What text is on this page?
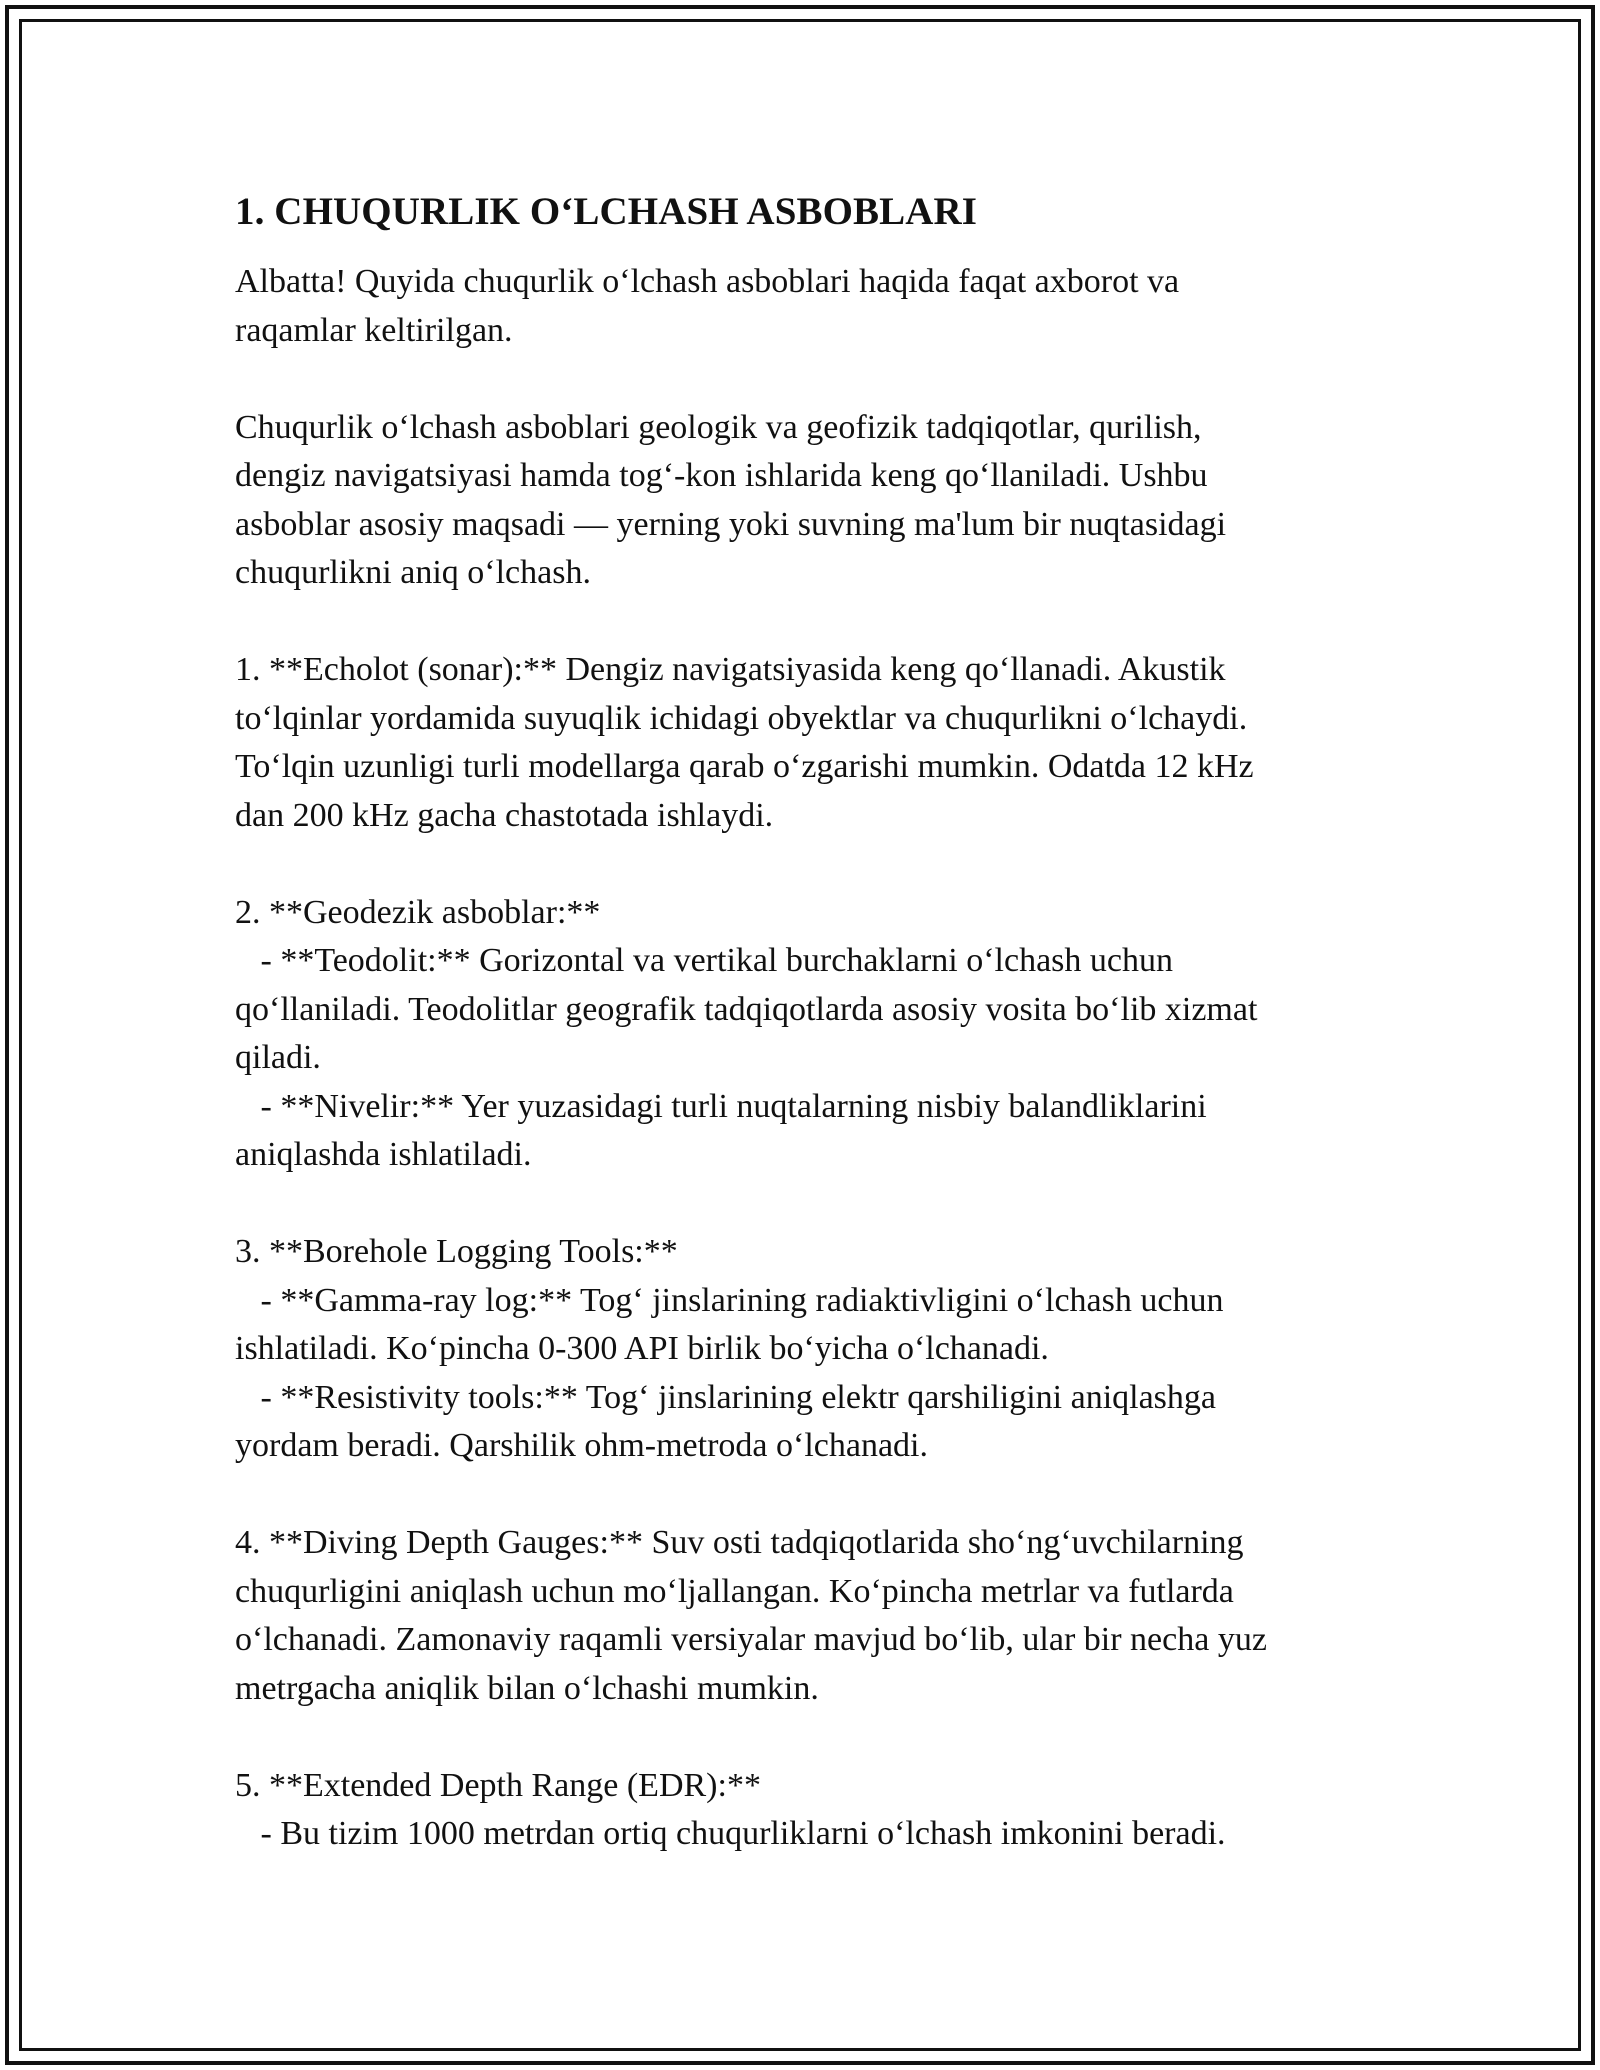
1. CHUQURLIK O‘LCHASH ASBOBLARI
Albatta! Quyida chuqurlik o‘lchash asboblari haqida faqat axborot va
raqamlar keltirilgan.
Chuqurlik o‘lchash asboblari geologik va geofizik tadqiqotlar, qurilish,
dengiz navigatsiyasi hamda tog‘-kon ishlarida keng qo‘llaniladi. Ushbu
asboblar asosiy maqsadi — yerning yoki suvning ma'lum bir nuqtasidagi
chuqurlikni aniq o‘lchash.
1. **Echolot (sonar):** Dengiz navigatsiyasida keng qo‘llanadi. Akustik
to‘lqinlar yordamida suyuqlik ichidagi obyektlar va chuqurlikni o‘lchaydi.
To‘lqin uzunligi turli modellarga qarab o‘zgarishi mumkin. Odatda 12 kHz
dan 200 kHz gacha chastotada ishlaydi.
2. **Geodezik asboblar:**
- **Teodolit:** Gorizontal va vertikal burchaklarni o‘lchash uchun
qo‘llaniladi. Teodolitlar geografik tadqiqotlarda asosiy vosita bo‘lib xizmat
qiladi.
- **Nivelir:** Yer yuzasidagi turli nuqtalarning nisbiy balandliklarini
aniqlashda ishlatiladi.
3. **Borehole Logging Tools:**
- **Gamma-ray log:** Tog‘ jinslarining radiaktivligini o‘lchash uchun
ishlatiladi. Ko‘pincha 0-300 API birlik bo‘yicha o‘lchanadi.
- **Resistivity tools:** Tog‘ jinslarining elektr qarshiligini aniqlashga
yordam beradi. Qarshilik ohm-metroda o‘lchanadi.
4. **Diving Depth Gauges:** Suv osti tadqiqotlarida sho‘ng‘uvchilarning
chuqurligini aniqlash uchun mo‘ljallangan. Ko‘pincha metrlar va futlarda
o‘lchanadi. Zamonaviy raqamli versiyalar mavjud bo‘lib, ular bir necha yuz
metrgacha aniqlik bilan o‘lchashi mumkin.
5. **Extended Depth Range (EDR):**
- Bu tizim 1000 metrdan ortiq chuqurliklarni o‘lchash imkonini beradi.
